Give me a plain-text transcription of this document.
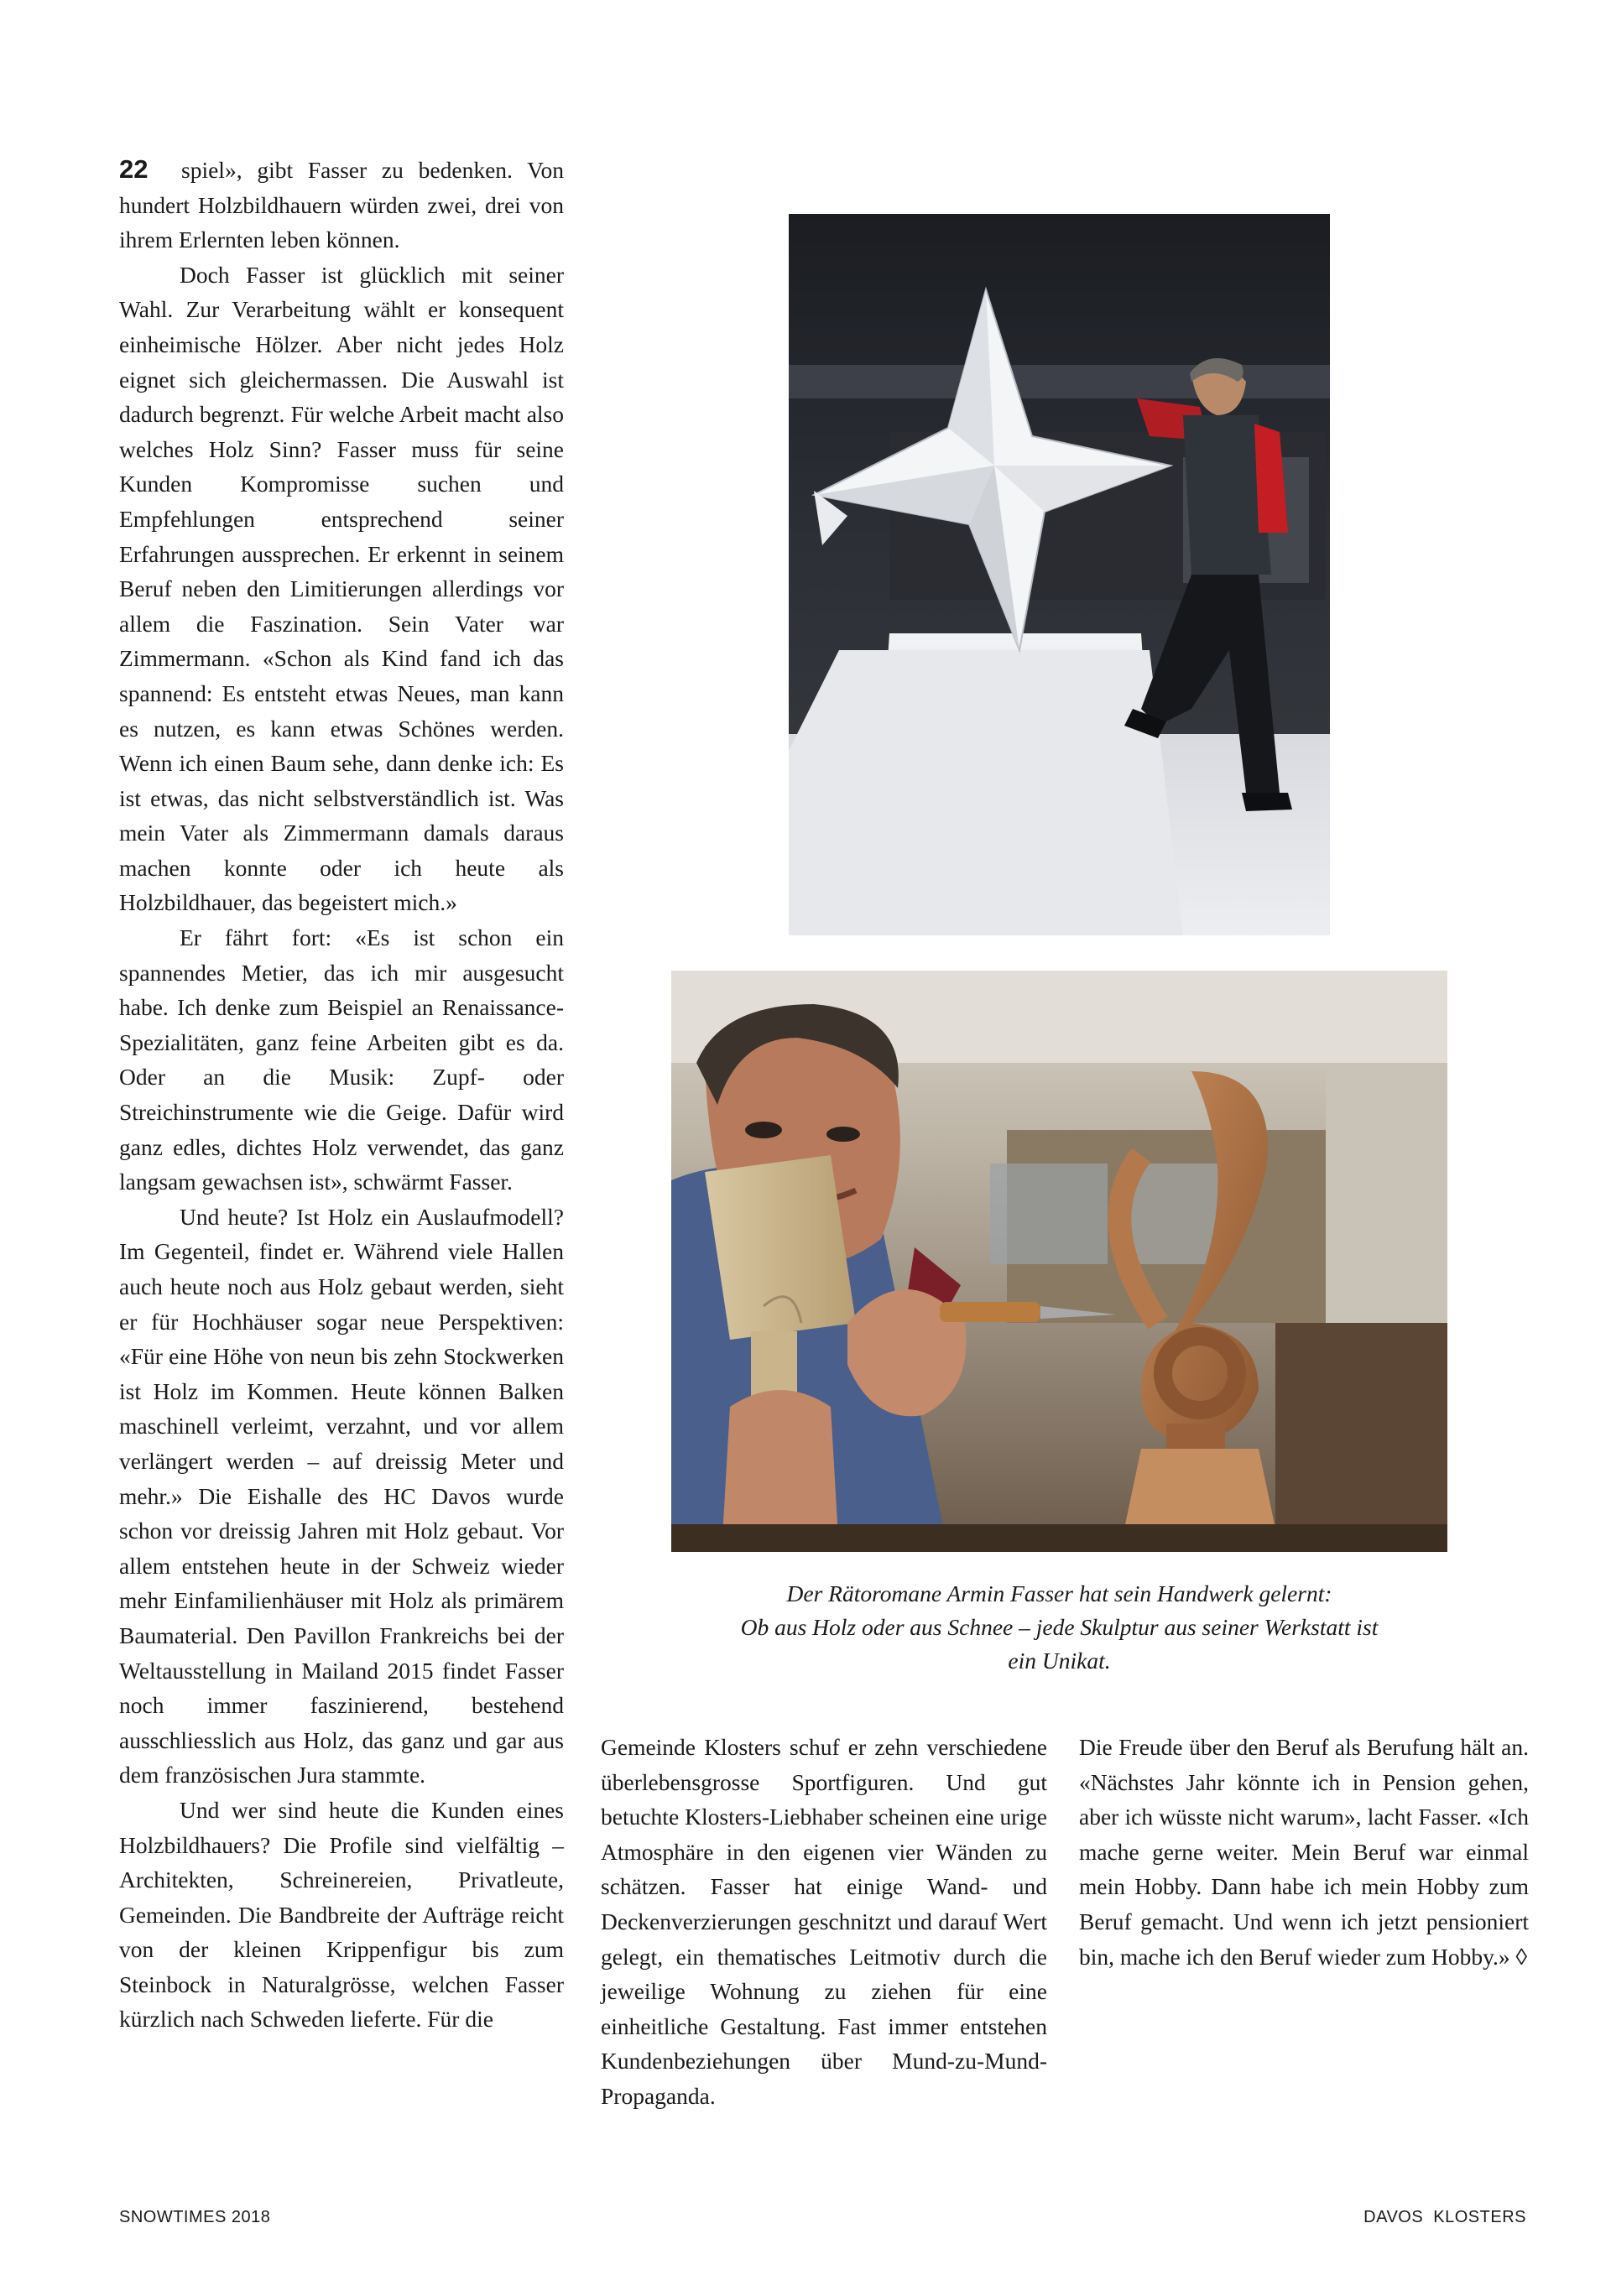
22	spiel», gibt Fasser zu bedenken. Von hundert Holzbildhauern würden zwei, drei von ihrem Erlernten leben können.

Doch Fasser ist glücklich mit seiner Wahl. Zur Verarbeitung wählt er konsequent einheimische Hölzer. Aber nicht jedes Holz eignet sich gleichermassen. Die Auswahl ist dadurch begrenzt. Für welche Arbeit macht also welches Holz Sinn? Fasser muss für seine Kunden Kompromisse suchen und Empfehlungen entsprechend seiner Erfahrungen aussprechen. Er erkennt in seinem Beruf neben den Limitierungen allerdings vor allem die Faszination. Sein Vater war Zimmermann. «Schon als Kind fand ich das spannend: Es entsteht etwas Neues, man kann es nutzen, es kann etwas Schönes werden. Wenn ich einen Baum sehe, dann denke ich: Es ist etwas, das nicht selbstverständlich ist. Was mein Vater als Zimmermann damals daraus machen konnte oder ich heute als Holzbildhauer, das begeistert mich.»

Er fährt fort: «Es ist schon ein spannendes Metier, das ich mir ausgesucht habe. Ich denke zum Beispiel an Renaissance-Spezialitäten, ganz feine Arbeiten gibt es da. Oder an die Musik: Zupf- oder Streichinstrumente wie die Geige. Dafür wird ganz edles, dichtes Holz verwendet, das ganz langsam gewachsen ist», schwärmt Fasser.

Und heute? Ist Holz ein Auslaufmodell? Im Gegenteil, findet er. Während viele Hallen auch heute noch aus Holz gebaut werden, sieht er für Hochhäuser sogar neue Perspektiven: «Für eine Höhe von neun bis zehn Stockwerken ist Holz im Kommen. Heute können Balken maschinell verleimt, verzahnt, und vor allem verlängert werden – auf dreissig Meter und mehr.» Die Eishalle des HC Davos wurde schon vor dreissig Jahren mit Holz gebaut. Vor allem entstehen heute in der Schweiz wieder mehr Einfamilienhäuser mit Holz als primärem Baumaterial. Den Pavillon Frankreichs bei der Weltausstellung in Mailand 2015 findet Fasser noch immer faszinierend, bestehend ausschliesslich aus Holz, das ganz und gar aus dem französischen Jura stammte.

Und wer sind heute die Kunden eines Holzbildhauers? Die Profile sind vielfältig – Architekten, Schreinereien, Privatleute, Gemeinden. Die Bandbreite der Aufträge reicht von der kleinen Krippenfigur bis zum Steinbock in Naturalgrösse, welchen Fasser kürzlich nach Schweden lieferte. Für die

Der Rätoromane Armin Fasser hat sein Handwerk gelernt:
Ob aus Holz oder aus Schnee – jede Skulptur aus seiner Werkstatt ist
ein Unikat.

Gemeinde Klosters schuf er zehn verschiedene überlebensgrosse Sportfiguren. Und gut betuchte Klosters-Liebhaber scheinen eine urige Atmosphäre in den eigenen vier Wänden zu schätzen. Fasser hat einige Wand- und Deckenverzierungen geschnitzt und darauf Wert gelegt, ein thematisches Leitmotiv durch die jeweilige Wohnung zu ziehen für eine einheitliche Gestaltung. Fast immer entstehen Kundenbeziehungen über Mund-zu-Mund-Propaganda.

Die Freude über den Beruf als Berufung hält an. «Nächstes Jahr könnte ich in Pension gehen, aber ich wüsste nicht warum», lacht Fasser. «Ich mache gerne weiter. Mein Beruf war einmal mein Hobby. Dann habe ich mein Hobby zum Beruf gemacht. Und wenn ich jetzt pensioniert bin, mache ich den Beruf wieder zum Hobby.» ◊

SNOWTIMES 2018	DAVOS  KLOSTERS
